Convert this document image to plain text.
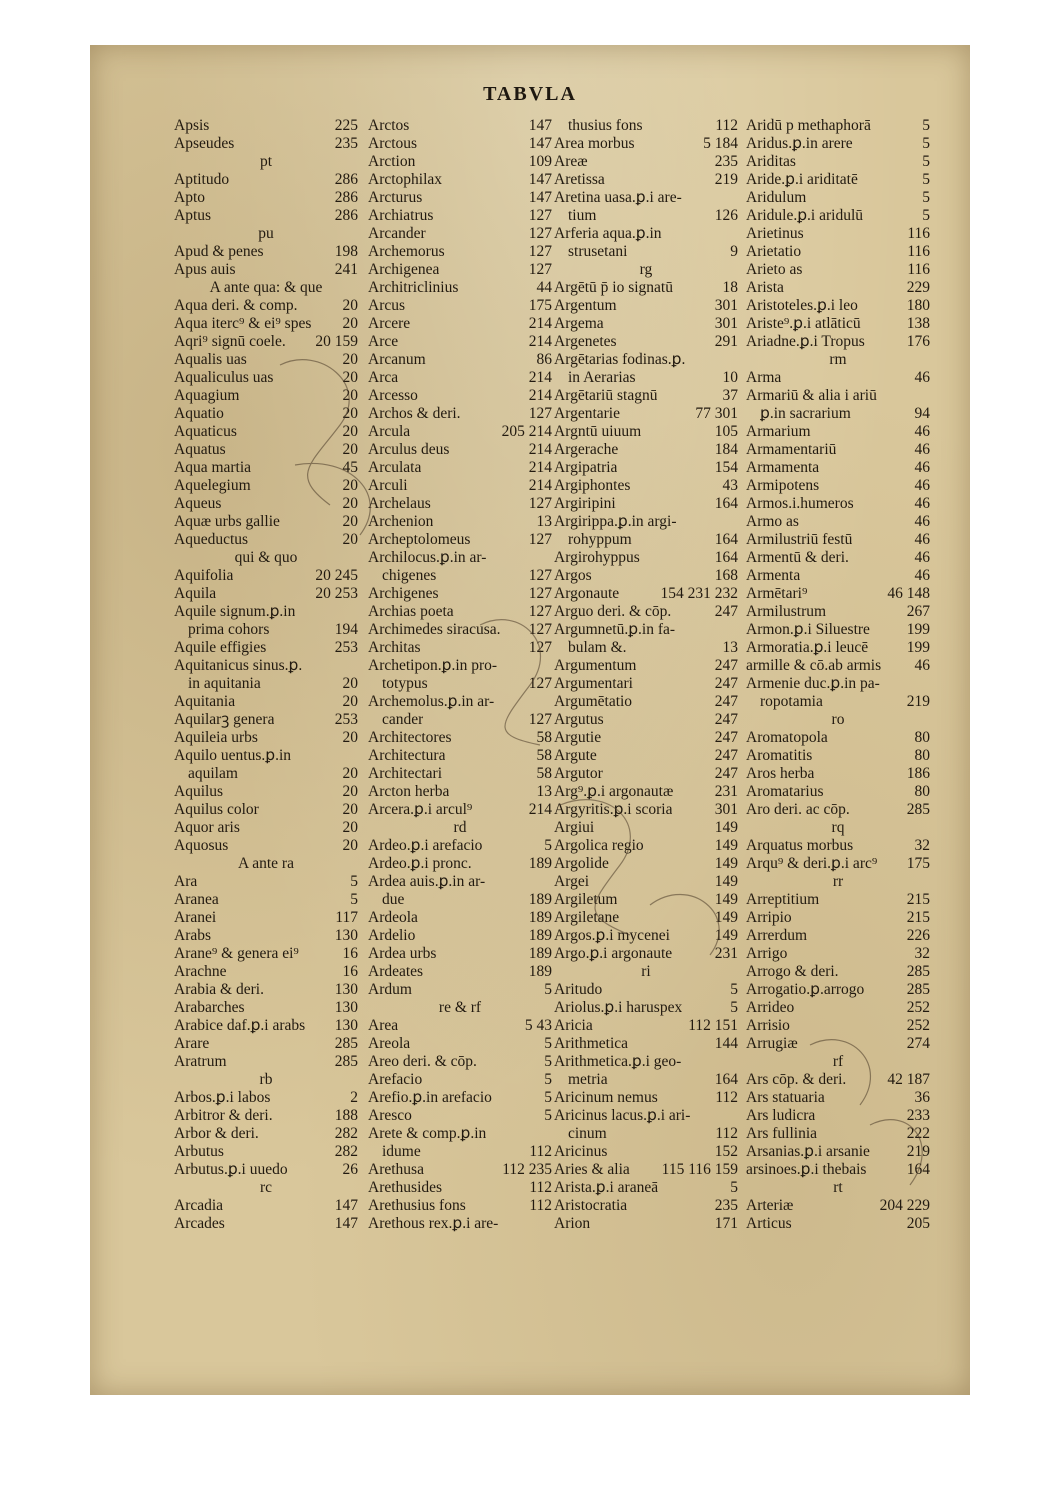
TABVLA
Apsis	225
Apseudes	235
pt
Aptitudo	286
Apto	286
Aptus	286
pu
Apud & penes	198
Apus auis	241
A ante qua: & que
Aqua deri. & comp.	20
Aqua iterc⁹ & ei⁹ spes 20
Aqri⁹ signū coele. 20 159
Aqualis uas	20
Aqualiculus uas	20
Aquagium	20
Aquatio	20
Aquaticus	20
Aquatus	20
Aqua martia	45
Aquelegium	20
Aqueus	20
Aquæ urbs gallie	20
Aqueductus	20
qui & quo
Aquifolia	20 245
Aquila	20 253
Aquile signum.ꝑ.in
prima cohors	194
Aquile effigies	253
Aquitanicus sinus.ꝑ.
in aquitania	20
Aquitania	20
Aquilarꝫ genera	253
Aquileia urbs	20
Aquilo uentus.ꝑ.in
aquilam	20
Aquilus	20
Aquilus color	20
Aquor aris	20
Aquosus	20
A ante ra
Ara	5
Aranea	5
Aranei	117
Arabs	130
Arane⁹ & genera ei⁹	16
Arachne	16
Arabia & deri.	130
Arabarches	130
Arabice daf.ꝑ.i arabs 130
Arare	285
Aratrum	285
rb
Arbos.ꝑ.i labos	2
Arbitror & deri.	188
Arbor & deri.	282
Arbutus	282
Arbutus.ꝑ.i uuedo	26
rc
Arcadia	147
Arcades	147
Arctos	147
Arctous	147
Arction	109
Arctophilax	147
Arcturus	147
Archiatrus	127
Arcander	127
Archemorus	127
Archigenea	127
Architriclinius	44
Arcus	175
Arcere	214
Arce	214
Arcanum	86
Arca	214
Arcesso	214
Archos & deri.	127
Arcula	205 214
Arculus deus	214
Arculata	214
Arculi	214
Archelaus	127
Archenion	13
Archeptolomeus	127
Archilocus.ꝑ.in ar-
chigenes	127
Archigenes	127
Archias poeta	127
Archimedes siracusa. 127
Architas	127
Archetipon.ꝑ.in pro-
totypus	127
Archemolus.ꝑ.in ar-
cander	127
Architectores	58
Architectura	58
Architectari	58
Arcton herba	13
Arcera.ꝑ.i arcul⁹	214
rd
Ardeo.ꝑ.i arefacio	5
Ardeo.ꝑ.i pronc.	189
Ardea auis.ꝑ.in ar-
due	189
Ardeola	189
Ardelio	189
Ardea urbs	189
Ardeates	189
Ardum	5
re & rf
Area	5 43
Areola	5
Areo deri. & cōp.	5
Arefacio	5
Arefio.ꝑ.in arefacio	5
Aresco	5
Arete & comp.ꝑ.in
idume	112
Arethusa	112 235
Arethusides	112
Arethusius fons	112
Arethous rex.ꝑ.i are-
thusius fons	112
Area morbus	5 184
Areæ	235
Aretissa	219
Aretina uasa.ꝑ.i are-
tium	126
Arferia aqua.ꝑ.in
strusetani	9
rg
Argētū p̄ io signatū	18
Argentum	301
Argema	301
Argenetes	291
Argētarias fodinas.ꝑ.
in Aerarias	10
Argētariū stagnū	37
Argentarie	77 301
Argntū uiuum	105
Argerache	184
Argipatria	154
Argiphontes	43
Argiripini	164
Argirippa.ꝑ.in argi-
rohyppum	164
Argirohyppus	164
Argos	168
Argonaute	154 231 232
Arguo deri. & cōp.	247
Argumnetū.ꝑ.in fa-
bulam &.	13
Argumentum	247
Argumentari	247
Argumētatio	247
Argutus	247
Argutie	247
Argute	247
Argutor	247
Arg⁹.ꝑ.i argonautæ	231
Argyritis.ꝑ.i scoria	301
Argiui	149
Argolica regio	149
Argolide	149
Argei	149
Argiletum	149
Argiletane	149
Argos.ꝑ.i mycenei	149
Argo.ꝑ.i argonaute	231
ri
Aritudo	5
Ariolus.ꝑ.i haruspex	5
Aricia	112 151
Arithmetica	144
Arithmetica.ꝑ.i geo-
metria	164
Aricinum nemus	112
Aricinus lacus.ꝑ.i ari-
cinum	112
Aricinus	152
Aries & alia 115 116 159
Arista.ꝑ.i araneā	5
Aristocratia	235
Arion	171
Aridū p methaphorā	5
Aridus.ꝑ.in arere	5
Ariditas	5
Aride.ꝑ.i ariditatē	5
Aridulum	5
Aridule.ꝑ.i aridulū	5
Arietinus	116
Arietatio	116
Arieto as	116
Arista	229
Aristoteles.ꝑ.i leo	180
Ariste⁹.ꝑ.i atlāticū	138
Ariadne.ꝑ.i Tropus	176
rm
Arma	46
Armariū & alia i ariū
ꝑ.in sacrarium	94
Armarium	46
Armamentariū	46
Armamenta	46
Armipotens	46
Armos.i.humeros	46
Armo as	46
Armilustriū festū	46
Armentū & deri.	46
Armenta	46
Armētari⁹	46 148
Armilustrum	267
Armon.ꝑ.i Siluestre 199
Armoratia.ꝑ.i leucē 199
armille & cō.ab armis 46
Armenie duc.ꝑ.in pa-
ropotamia	219
ro
Aromatopola	80
Aromatitis	80
Aros herba	186
Aromatarius	80
Aro deri. ac cōp.	285
rq
Arquatus morbus	32
Arqu⁹ & deri.ꝑ.i arc⁹ 175
rr
Arreptitium	215
Arripio	215
Arrerdum	226
Arrigo	32
Arrogo & deri.	285
Arrogatio.ꝑ.arrogo	285
Arrideo	252
Arrisio	252
Arrugiæ	274
rf
Ars cōp. & deri.	42 187
Ars statuaria	36
Ars ludicra	233
Ars fullinia	222
Arsanias.ꝑ.i arsanie 219
arsinoes.ꝑ.i thebais	164
rt
Arteriæ	204 229
Articus	205
